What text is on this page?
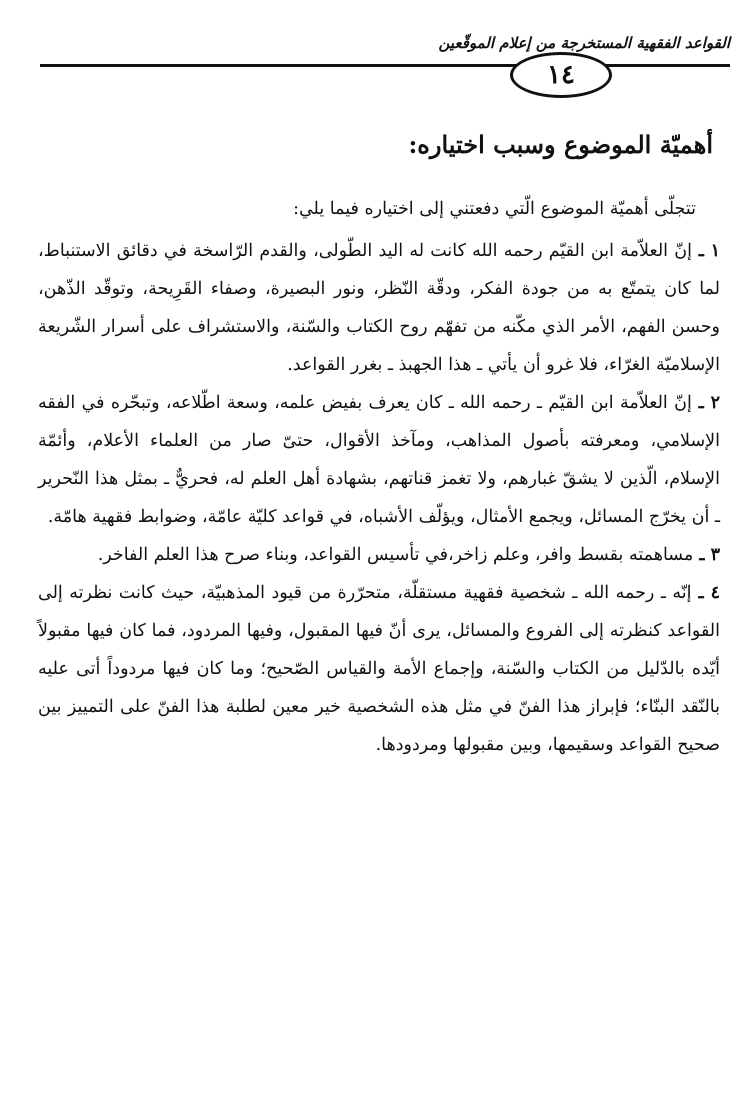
القواعد الفقهية المستخرجة من إعلام الموقّعين
١٤
أهميّة الموضوع وسبب اختياره:

تتجلّى أهميّة الموضوع الّتي دفعتني إلى اختياره فيما يلي:

١ ـ إنّ العلاّمة ابن القيّم رحمه الله كانت له اليد الطّولى، والقدم الرّاسخة في دقائق الاستنباط، لما كان يتمتّع به من جودة الفكر، ودقّة النّظر، ونور البصيرة، وصفاء القَرِيحة، وتوقّد الذّهن، وحسن الفهم، الأمر الذي مكّنه من تفهّم روح الكتاب والسّنة، والاستشراف على أسرار الشّريعة الإسلاميّة الغرّاء، فلا غرو أن يأتي ـ هذا الجهبذ ـ بغرر القواعد.

٢ ـ إنّ العلاّمة ابن القيّم ـ رحمه الله ـ كان يعرف بفيض علمه، وسعة اطّلاعه، وتبحّره في الفقه الإسلامي، ومعرفته بأصول المذاهب، ومآخذ الأقوال، حتىّ صار من العلماء الأعلام، وأئمّة الإسلام، الّذين لا يشقّ غبارهم، ولا تغمز قناتهم، بشهادة أهل العلم له، فحريٌّ ـ بمثل هذا النّحرير ـ أن يخرّج المسائل، ويجمع الأمثال، ويؤلّف الأشباه، في قواعد كليّة عامّة، وضوابط فقهية هامّة.

٣ ـ مساهمته بقسط وافر، وعلم زاخر،في تأسيس القواعد، وبناء صرح هذا العلم الفاخر.

٤ ـ إنّه ـ رحمه الله ـ شخصية فقهية مستقلّة، متحرّرة من قيود المذهبيّة، حيث كانت نظرته إلى القواعد كنظرته إلى الفروع والمسائل، يرى أنّ فيها المقبول، وفيها المردود، فما كان فيها مقبولاً أيّده بالدّليل من الكتاب والسّنة، وإجماع الأمة والقياس الصّحيح؛ وما كان فيها مردوداً أتى عليه بالنّقد البنّاء؛ فإبراز هذا الفنّ في مثل هذه الشخصية خير معين لطلبة هذا الفنّ على التمييز بين صحيح القواعد وسقيمها، وبين مقبولها ومردودها.
